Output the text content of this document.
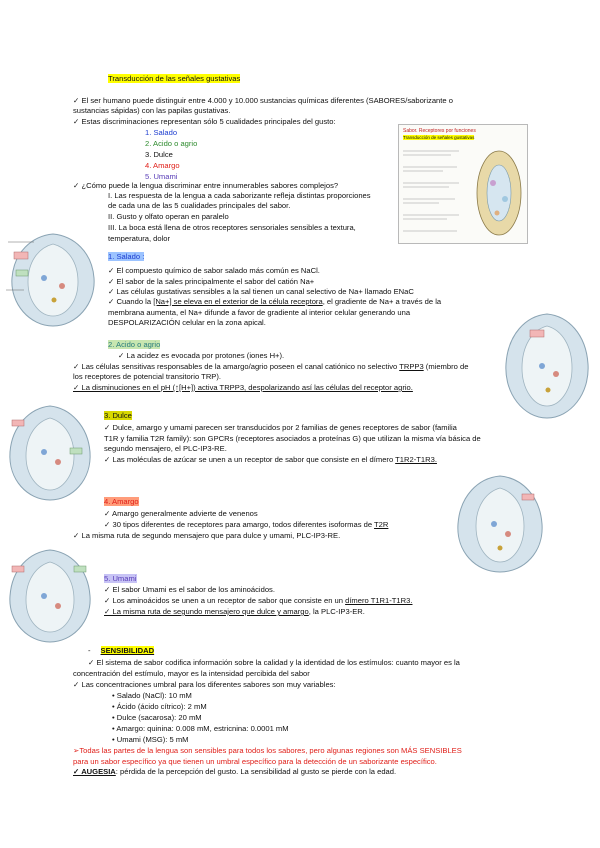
Transducción de las señales gustativas
✓ El ser humano puede distinguir entre 4.000 y 10.000 sustancias químicas diferentes (SABORES/saborizante o
sustancias sápidas) con las papilas gustativas.
✓ Estas discriminaciones representan sólo 5 cualidades principales del gusto:
1. Salado
2. Acido o agrio
3. Dulce
4. Amargo
5. Umami
✓ ¿Cómo puede la lengua discriminar entre innumerables sabores complejos?
I. Las respuesta de la lengua a cada saborizante refleja distintas proporciones
de cada una de las 5 cualidades principales del sabor.
II. Gusto y olfato operan en paralelo
III. La boca está llena de otros receptores sensoriales sensibles a textura,
temperatura, dolor
Sabor. Receptores por funciones
Transducción de señales gustativas
1. Salado :
✓ El compuesto químico de sabor salado más común es NaCl.
✓ El sabor de la sales principalmente el sabor del catión Na+
✓ Las células gustativas sensibles a la sal tienen un canal selectivo de Na+ llamado ENaC
✓ Cuando la [Na+] se eleva en el exterior de la célula receptora, el gradiente de Na+ a través de la
membrana aumenta, el Na+ difunde a favor de gradiente al interior celular generando una
DESPOLARIZACIÓN celular en la zona apical.
2. Acido o agrio
✓ La acidez es evocada por protones (iones H+).
✓ Las células sensitivas responsables de la amargo/agrio poseen el canal catiónico no selectivo TRPP3 (miembro de
los receptores de potencial transitorio TRP).
✓ La disminuciones en el pH (↑[H+]) activa TRPP3, despolarizando así las células del receptor agrio.
3. Dulce
✓ Dulce, amargo y umami parecen ser transducidos por 2 familias de genes receptores de sabor (familia
T1R y familia T2R family): son GPCRs (receptores asociados a proteínas G) que utilizan la misma vía básica de
segundo mensajero, el PLC-IP3-RE.
✓ Las moléculas de azúcar se unen a un receptor de sabor que consiste en el dímero T1R2-T1R3.
4. Amargo
✓ Amargo generalmente advierte de venenos
✓ 30 tipos diferentes de receptores para amargo, todos diferentes isoformas de T2R
✓ La misma ruta de segundo mensajero que para dulce y umami, PLC-IP3-RE.
5. Umami
✓ El sabor Umami es el sabor de los aminoácidos.
✓ Los aminoácidos se unen a un receptor de sabor que consiste en un dímero T1R1-T1R3.
✓ La misma ruta de segundo mensajero que dulce y amargo, la PLC-IP3-ER.
- SENSIBILIDAD
✓ El sistema de sabor codifica información sobre la calidad y la identidad de los estímulos: cuanto mayor es la
concentración del estímulo, mayor es la intensidad percibida del sabor
✓ Las concentraciones umbral para los diferentes sabores son muy variables:
• Salado (NaCl): 10 mM
• Ácido (ácido cítrico): 2 mM
• Dulce (sacarosa): 20 mM
• Amargo: quinina: 0.008 mM, estricnina: 0.0001 mM
• Umami (MSG): 5 mM
➢Todas las partes de la lengua son sensibles para todos los sabores, pero algunas regiones son MÁS SENSIBLES
para un sabor específico ya que tienen un umbral específico para la detección de un saborizante específico.
✓ AUGESIA: pérdida de la percepción del gusto. La sensibilidad al gusto se pierde con la edad.
